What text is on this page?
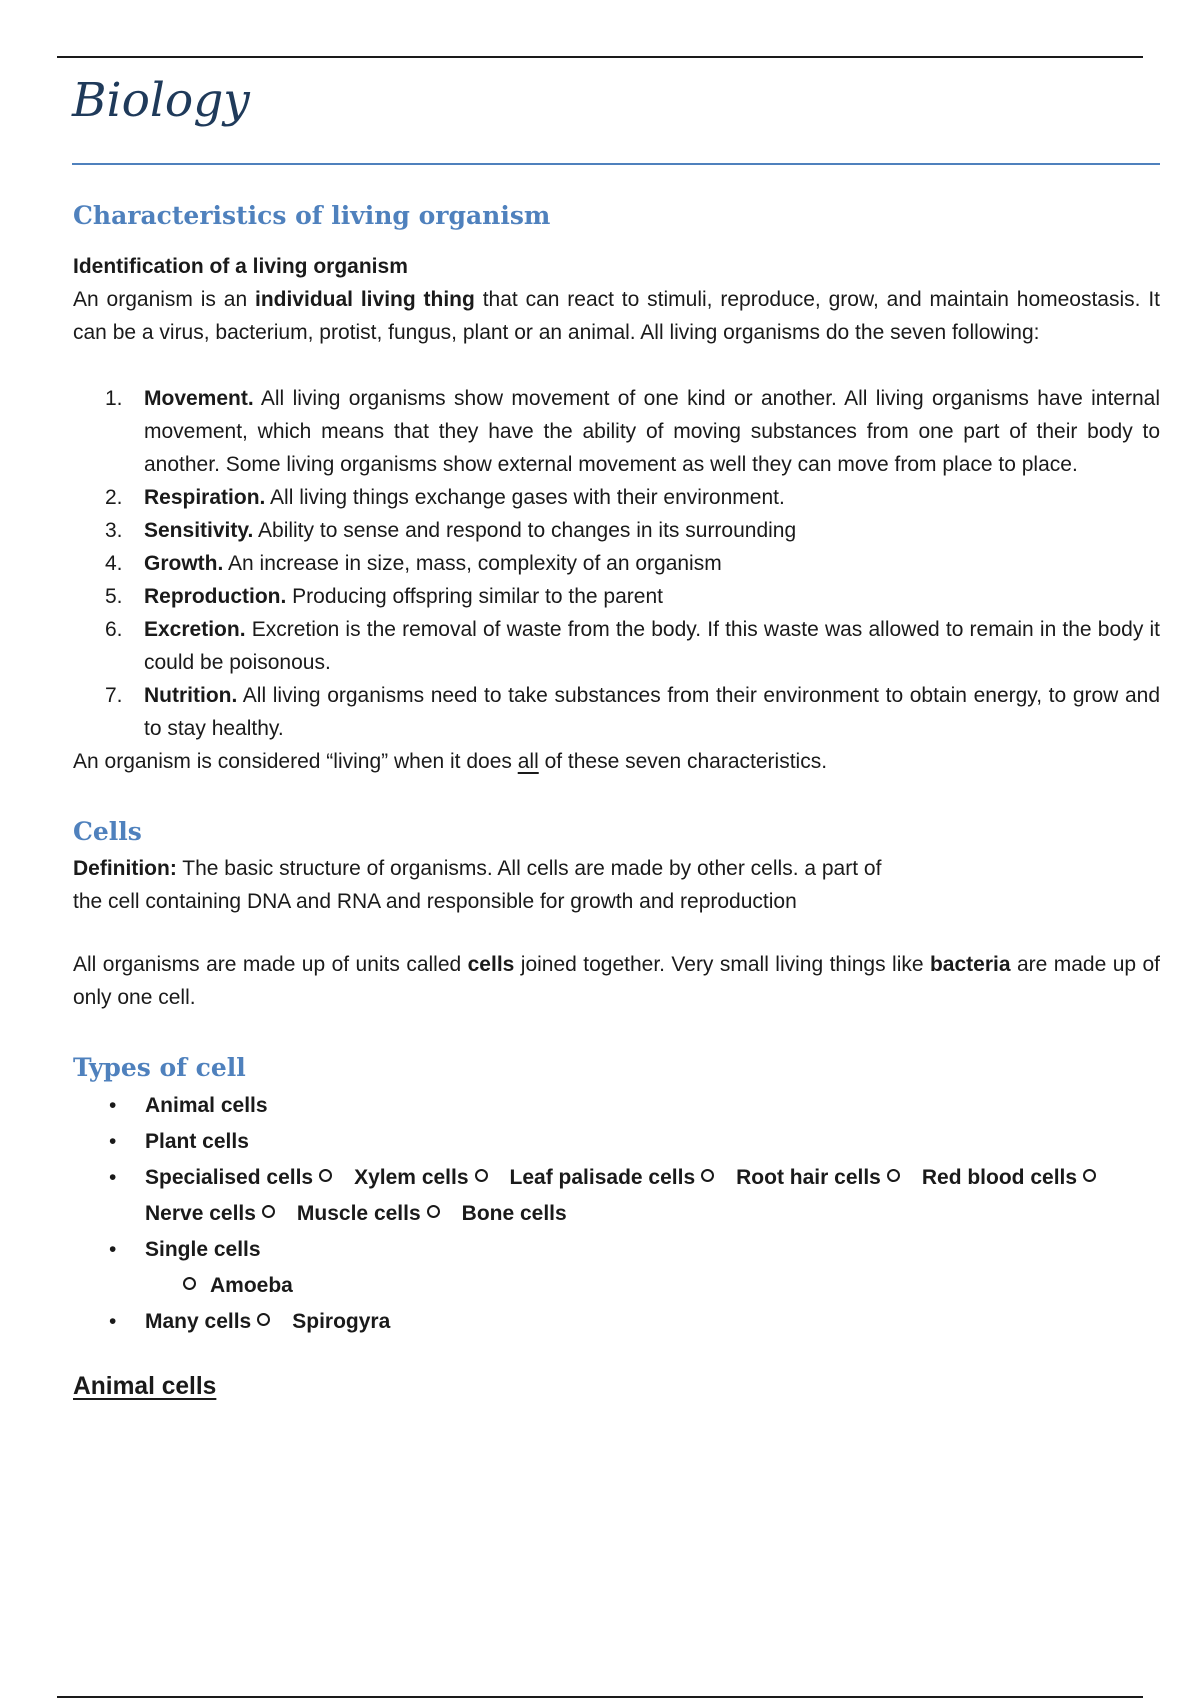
Biology
Characteristics of living organism
Identification of a living organism

An organism is an individual living thing that can react to stimuli, reproduce, grow, and maintain homeostasis. It can be a virus, bacterium, protist, fungus, plant or an animal. All living organisms do the seven following:

1. Movement. All living organisms show movement of one kind or another. All living organisms have internal movement, which means that they have the ability of moving substances from one part of their body to another. Some living organisms show external movement as well they can move from place to place.
2. Respiration. All living things exchange gases with their environment.
3. Sensitivity. Ability to sense and respond to changes in its surrounding
4. Growth. An increase in size, mass, complexity of an organism
5. Reproduction. Producing offspring similar to the parent
6. Excretion. Excretion is the removal of waste from the body. If this waste was allowed to remain in the body it could be poisonous.
7. Nutrition. All living organisms need to take substances from their environment to obtain energy, to grow and to stay healthy.

An organism is considered “living” when it does all of these seven characteristics.

Cells

Definition: The basic structure of organisms. All cells are made by other cells. a part of

the cell containing DNA and RNA and responsible for growth and reproduction

All organisms are made up of units called cells joined together. Very small living things like bacteria are made up of only one cell.

Types of cell
• Animal cells
• Plant cells
• Specialised cells Xylem cells Leaf palisade cells Root hair cells Red blood cells
Nerve cells Muscle cells Bone cells
• Single cells
Amoeba
• Many cells Spirogyra
Animal cells
